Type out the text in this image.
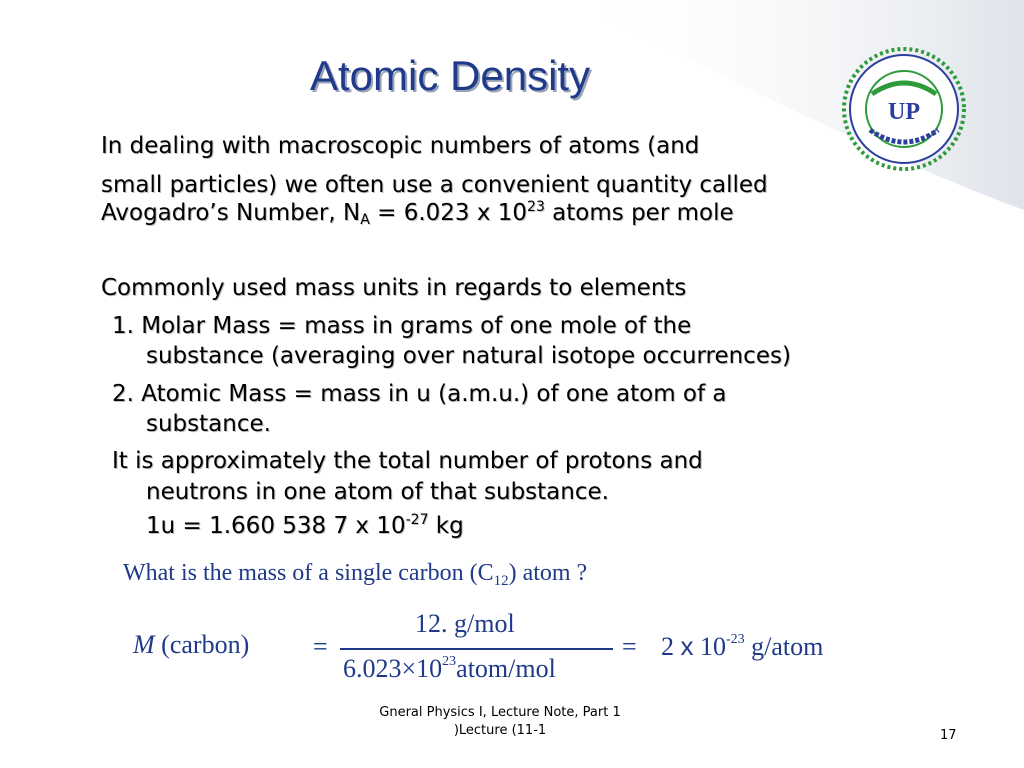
Atomic Density
UP
In dealing with macroscopic numbers of atoms (and
small particles) we often use a convenient quantity called
Avogadro’s Number, $N_A = 6.023$ x $10^{23}$ atoms per mole
Commonly used mass units in regards to elements
1. Molar Mass = mass in grams of one mole of the
substance (averaging over natural isotope occurrences)
2. Atomic Mass = mass in u (a.m.u.) of one atom of a
substance.
It is approximately the total number of protons and
neutrons in one atom of that substance.
1u = 1.660 538 7 x $10^{-27}$ kg
What is the mass of a single carbon $(C_{12})$ atom ?
M (carbon) =
12. g/mol
$6.023\times 10^{23}atom$/mol
= 2 x $10^{-23}$ g/atom
Gneral Physics I, Lecture Note, Part 1
)Lecture (11-1	17
